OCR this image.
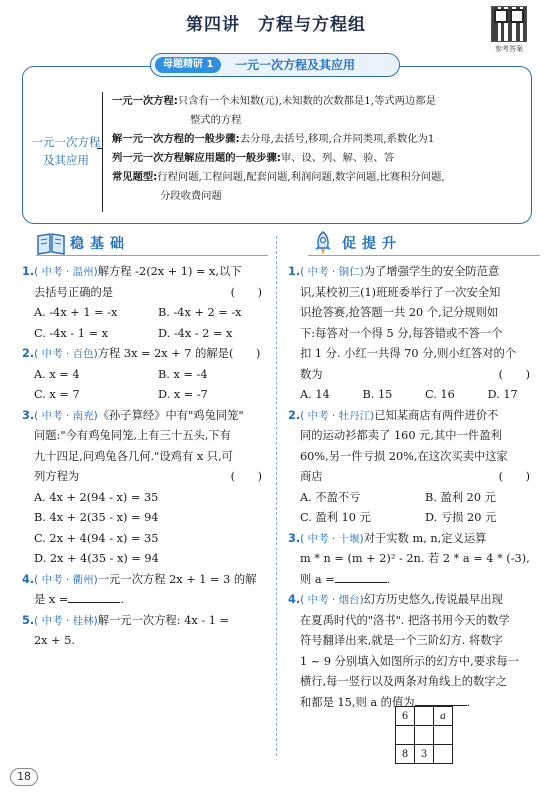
第四讲　方程与方程组
参考答案
母题精研 1	一元一次方程及其应用
一元一次方程
及其应用
一元一次方程:只含有一个未知数(元),未知数的次数都是1,等式两边都是
整式的方程
解一元一次方程的一般步骤:去分母,去括号,移项,合并同类项,系数化为1
列一元一次方程解应用题的一般步骤:审、设、列、解、验、答
常见题型:行程问题,工程问题,配套问题,利润问题,数字问题,比赛积分问题,
分段收费问题
稳基础	促提升
1.( 中考 · 温州)解方程 -2(2x + 1) = x,以下
去括号正确的是	(　　)
A. -4x + 1 = -x	B. -4x + 2 = -x
C. -4x - 1 = x	D. -4x - 2 = x
2.( 中考 · 百色)方程 3x = 2x + 7 的解是(　　)
A. x = 4	B. x = -4
C. x = 7	D. x = -7
3.( 中考 · 南充)《孙子算经》中有"鸡兔同笼"
问题:"今有鸡兔同笼,上有三十五头,下有
九十四足,问鸡兔各几何."设鸡有 x 只,可
列方程为	(　　)
A. 4x + 2(94 - x) = 35
B. 4x + 2(35 - x) = 94
C. 2x + 4(94 - x) = 35
D. 2x + 4(35 - x) = 94
4.( 中考 · 衢州)一元一次方程 2x + 1 = 3 的解
是 x =	.
5.( 中考 · 桂林)解一元一次方程: 4x - 1 =
2x + 5.
1.( 中考 · 铜仁)为了增强学生的安全防范意
识,某校初三(1)班班委举行了一次安全知
识抢答赛,抢答题一共 20 个,记分规则如
下:每答对一个得 5 分,每答错或不答一个
扣 1 分. 小红一共得 70 分,则小红答对的个
数为	(　　)
A. 14	B. 15	C. 16	D. 17
2.( 中考 · 牡丹江)已知某商店有两件进价不
同的运动衫都卖了 160 元,其中一件盈利
60%,另一件亏损 20%,在这次买卖中这家
商店	(　　)
A. 不盈不亏	B. 盈利 20 元
C. 盈利 10 元	D. 亏损 20 元
3.( 中考 · 十堰)对于实数 m, n,定义运算
m * n = (m + 2)² - 2n. 若 2 * a = 4 * (-3),
则 a =	.
4.( 中考 · 烟台)幻方历史悠久,传说最早出现
在夏禹时代的"洛书". 把洛书用今天的数学
符号翻译出来,就是一个三阶幻方. 将数字
1 ~ 9 分别填入如图所示的幻方中,要求每一
横行,每一竖行以及两条对角线上的数字之
和都是 15,则 a 的值为	.
6		a

8	3	
18
